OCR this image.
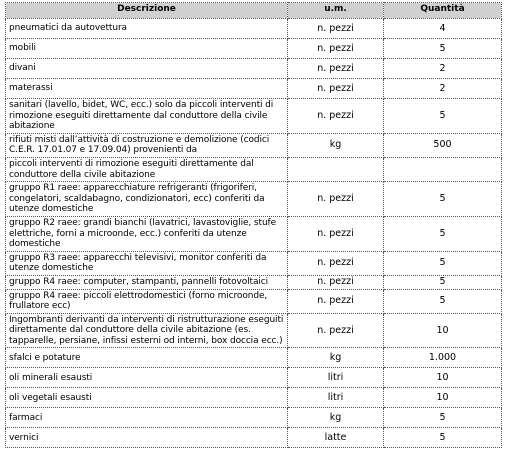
Descrizione	u.m.	Quantità
pneumatici da autovettura	n. pezzi	4
mobili	n. pezzi	5
divani	n. pezzi	2
materassi	n. pezzi	2
sanitari (lavello, bidet, WC, ecc.) solo da piccoli interventi di rimozione eseguiti direttamente dal conduttore della civile abitazione	n. pezzi	5
rifiuti misti dall’attività di costruzione e demolizione (codici C.E.R. 17.01.07 e 17.09.04) provenienti da	kg	500
piccoli interventi di rimozione eseguiti direttamente dal conduttore della civile abitazione		
gruppo R1 raee: apparecchiature refrigeranti (frigoriferi, congelatori, scaldabagno, condizionatori, ecc) conferiti da utenze domestiche	n. pezzi	5
gruppo R2 raee: grandi bianchi (lavatrici, lavastoviglie, stufe elettriche, forni a microonde, ecc.) conferiti da utenze domestiche	n. pezzi	5
gruppo R3 raee: apparecchi televisivi, monitor conferiti da utenze domestiche	n. pezzi	5
gruppo R4 raee: computer, stampanti, pannelli fotovoltaici	n. pezzi	5
gruppo R4 raee: piccoli elettrodomestici (forno microonde, frullatore ecc)	n. pezzi	5
Ingombranti derivanti da interventi di ristrutturazione eseguiti direttamente dal conduttore della civile abitazione (es. tapparelle, persiane, infissi esterni od interni, box doccia ecc.)	n. pezzi	10
sfalci e potature	kg	1.000
oli minerali esausti	litri	10
oli vegetali esausti	litri	10
farmaci	kg	5
vernici	latte	5
